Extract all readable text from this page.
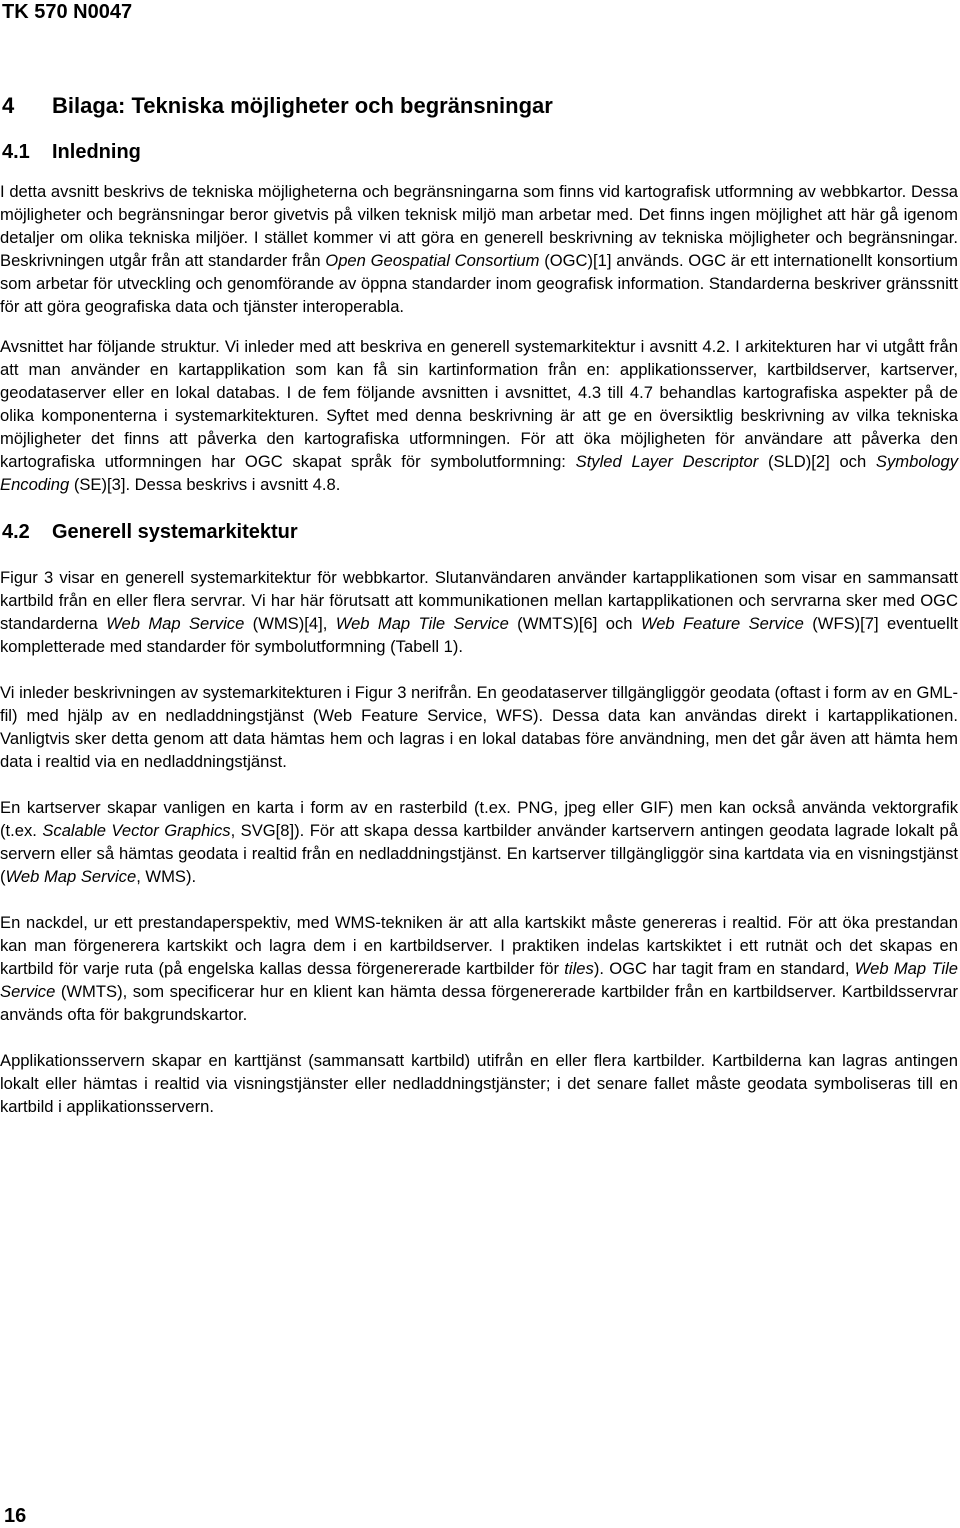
TK 570 N0047
4 Bilaga: Tekniska möjligheter och begränsningar
4.1 Inledning

I detta avsnitt beskrivs de tekniska möjligheterna och begränsningarna som finns vid kartografisk utformning av webbkartor. Dessa möjligheter och begränsningar beror givetvis på vilken teknisk miljö man arbetar med. Det finns ingen möjlighet att här gå igenom detaljer om olika tekniska miljöer. I stället kommer vi att göra en generell beskrivning av tekniska möjligheter och begränsningar. Beskrivningen utgår från att standarder från Open Geospatial Consortium (OGC)[1] används. OGC är ett internationellt konsortium som arbetar för utveckling och genomförande av öppna standarder inom geografisk information. Standarderna beskriver gränssnitt för att göra geografiska data och tjänster interoperabla.

Avsnittet har följande struktur. Vi inleder med att beskriva en generell systemarkitektur i avsnitt 4.2. I arkitekturen har vi utgått från att man använder en kartapplikation som kan få sin kartinformation från en: applikationsserver, kartbildserver, kartserver, geodataserver eller en lokal databas. I de fem följande avsnitten i avsnittet, 4.3 till 4.7 behandlas kartografiska aspekter på de olika komponenterna i systemarkitekturen. Syftet med denna beskrivning är att ge en översiktlig beskrivning av vilka tekniska möjligheter det finns att påverka den kartografiska utformningen. För att öka möjligheten för användare att påverka den kartografiska utformningen har OGC skapat språk för symbolutformning: Styled Layer Descriptor (SLD)[2] och Symbology Encoding (SE)[3]. Dessa beskrivs i avsnitt 4.8.

4.2 Generell systemarkitektur

Figur 3 visar en generell systemarkitektur för webbkartor. Slutanvändaren använder kartapplikationen som visar en sammansatt kartbild från en eller flera servrar. Vi har här förutsatt att kommunikationen mellan kartapplikationen och servrarna sker med OGC standarderna Web Map Service (WMS)[4], Web Map Tile Service (WMTS)[6] och Web Feature Service (WFS)[7] eventuellt kompletterade med standarder för symbolutformning (Tabell 1).

Vi inleder beskrivningen av systemarkitekturen i Figur 3 nerifrån. En geodataserver tillgängliggör geodata (oftast i form av en GML-fil) med hjälp av en nedladdningstjänst (Web Feature Service, WFS). Dessa data kan användas direkt i kartapplikationen. Vanligtvis sker detta genom att data hämtas hem och lagras i en lokal databas före användning, men det går även att hämta hem data i realtid via en nedladdningstjänst.

En kartserver skapar vanligen en karta i form av en rasterbild (t.ex. PNG, jpeg eller GIF) men kan också använda vektorgrafik (t.ex. Scalable Vector Graphics, SVG[8]). För att skapa dessa kartbilder använder kartservern antingen geodata lagrade lokalt på servern eller så hämtas geodata i realtid från en nedladdningstjänst. En kartserver tillgängliggör sina kartdata via en visningstjänst (Web Map Service, WMS).

En nackdel, ur ett prestandaperspektiv, med WMS-tekniken är att alla kartskikt måste genereras i realtid. För att öka prestandan kan man förgenerera kartskikt och lagra dem i en kartbildserver. I praktiken indelas kartskiktet i ett rutnät och det skapas en kartbild för varje ruta (på engelska kallas dessa förgenererade kartbilder för tiles). OGC har tagit fram en standard, Web Map Tile Service (WMTS), som specificerar hur en klient kan hämta dessa förgenererade kartbilder från en kartbildserver. Kartbildsservrar används ofta för bakgrundskartor.

Applikationsservern skapar en karttjänst (sammansatt kartbild) utifrån en eller flera kartbilder. Kartbilderna kan lagras antingen lokalt eller hämtas i realtid via visningstjänster eller nedladdningstjänster; i det senare fallet måste geodata symboliseras till en kartbild i applikationsservern.

16
